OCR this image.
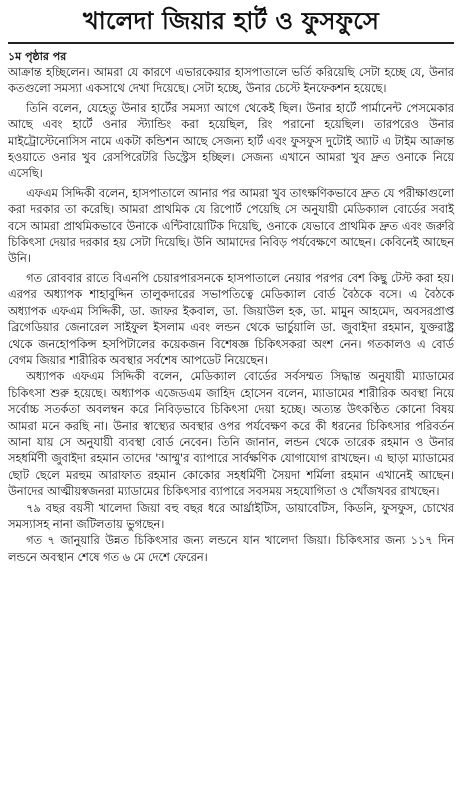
খালেদা জিয়ার হার্ট ও ফুসফুসে
১ম পৃষ্ঠার পর

আক্রান্ত হচ্ছিলেন। আমরা যে কারণে এভারকেয়ার হাসপাতালে ভর্তি করিয়েছি সেটা হচ্ছে যে, উনার কতগুলো সমস্যা একসাথে দেখা দিয়েছে। সেটা হচ্ছে, উনার চেস্টে ইনফেকশন হয়েছে।

তিনি বলেন, যেহেতু উনার হার্টের সমস্যা আগে থেকেই ছিল। উনার হার্টে পার্মানেন্ট পেসমেকার আছে এবং হার্টে ওনার স্ট্যান্ডিং করা হয়েছিল, রিং পরানো হয়েছিল। তারপরেও উনার মাইট্রোস্টেনোসিস নামে একটা কন্ডিশন আছে সেজন্য হার্ট এবং ফুসফুস দুটোই অ্যাট এ টাইম আক্রান্ত হওয়াতে ওনার খুব রেসপিরেটরি ডিস্ট্রেস হচ্ছিল। সেজন্য এখানে আমরা খুব দ্রুত ওনাকে নিয়ে এসেছি।

এফএম সিদ্দিকী বলেন, হাসপাতালে আনার পর আমরা খুব তাৎক্ষণিকভাবে দ্রুত যে পরীক্ষাগুলো করা দরকার তা করেছি। আমরা প্রাথমিক যে রিপোর্ট পেয়েছি সে অনুযায়ী মেডিক্যাল বোর্ডের সবাই বসে আমরা প্রাথমিকভাবে উনাকে এন্টিবায়োটিক দিয়েছি, ওনাকে যেভাবে প্রাথমিক দ্রুত এবং জরুরি চিকিৎসা দেয়ার দরকার হয় সেটা দিয়েছি। উনি আমাদের নিবিড় পর্যবেক্ষণে আছেন। কেবিনেই আছেন উনি।

গত রোববার রাতে বিএনপি চেয়ারপারসনকে হাসপাতালে নেয়ার পরপর বেশ কিছু টেস্ট করা হয়। এরপর অধ্যাপক শাহাবুদ্দিন তালুকদারের সভাপতিত্বে মেডিক্যাল বোর্ড বৈঠকে বসে। এ বৈঠকে অধ্যাপক এফএম সিদ্দিকী, ডা. জাফর ইকবাল, ডা. জিয়াউল হক, ডা. মামুন আহমেদ, অবসরপ্রাপ্ত ব্রিগেডিয়ার জেনারেল সাইফুল ইসলাম এবং লন্ডন থেকে ভার্চুয়ালি ডা. জুবাইদা রহমান, যুক্তরাষ্ট্র থেকে জনহোপকিন্স হসপিটালের কয়েকজন বিশেষজ্ঞ চিকিৎসকরা অংশ নেন। গতকালও এ বোর্ড বেগম জিয়ার শারীরিক অবস্থার সর্বশেষ আপডেট নিয়েছেন।

অধ্যাপক এফএম সিদ্দিকী বলেন, মেডিক্যাল বোর্ডের সর্বসম্মত সিদ্ধান্ত অনুযায়ী ম্যাডামের চিকিৎসা শুরু হয়েছে। অধ্যাপক এজেডএম জাহিদ হোসেন বলেন, ম্যাডামের শারীরিক অবস্থা নিয়ে সর্বোচ্চ সতর্কতা অবলম্বন করে নিবিড়ভাবে চিকিৎসা দেয়া হচ্ছে। অত্যন্ত উৎকণ্ঠিত কোনো বিষয় আমরা মনে করছি না। উনার স্বাস্থ্যের অবস্থার ওপর পর্যবেক্ষণ করে কী ধরনের চিকিৎসার পরিবর্তন আনা যায় সে অনুযায়ী ব্যবস্থা বোর্ড নেবেন। তিনি জানান, লন্ডন থেকে তারেক রহমান ও উনার সহধর্মিণী জুবাইদা রহমান তাদের 'আম্মু'র ব্যাপারে সার্বক্ষণিক যোগাযোগ রাখছেন। এ ছাড়া ম্যাডামের ছোট ছেলে মরহুম আরাফাত রহমান কোকোর সহধর্মিণী সৈয়দা শর্মিলা রহমান এখানেই আছেন। উনাদের আত্মীয়স্বজনরা ম্যাডামের চিকিৎসার ব্যাপারে সবসময় সহযোগিতা ও খোঁজখবর রাখছেন।

৭৯ বছর বয়সী খালেদা জিয়া বহু বছর ধরে আর্থ্রাইটিস, ডায়াবেটিস, কিডনি, ফুসফুস, চোখের সমস্যাসহ নানা জটিলতায় ভুগছেন।

গত ৭ জানুয়ারি উন্নত চিকিৎসার জন্য লন্ডনে যান খালেদা জিয়া। চিকিৎসার জন্য ১১৭ দিন লন্ডনে অবস্থান শেষে গত ৬ মে দেশে ফেরেন।
